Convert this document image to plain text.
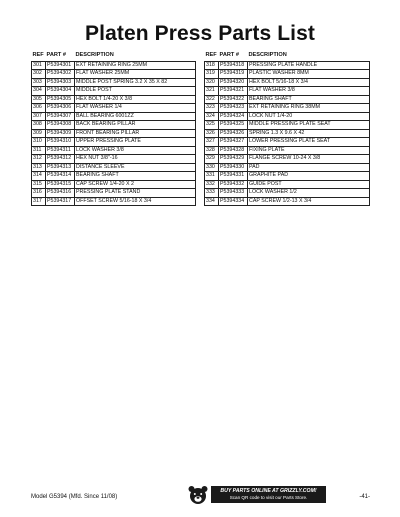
Platen Press Parts List
REF	PART #	DESCRIPTION
301	P5394301	EXT RETAINING RING 25MM
302	P5394302	FLAT WASHER 25MM
303	P5394303	MIDDLE POST SPRING 3.2 X 35 X 82
304	P5394304	MIDDLE POST
305	P5394305	HEX BOLT 1/4-20 X 3/8
306	P5394306	FLAT WASHER 1/4
307	P5394307	BALL BEARING 6001ZZ
308	P5394308	BACK BEARING PILLAR
309	P5394309	FRONT BEARING PILLAR
310	P5394310	UPPER PRESSING PLATE
311	P5394311	LOCK WASHER 3/8
312	P5394312	HEX NUT 3/8"-16
313	P5394313	DISTANCE SLEEVE
314	P5394314	BEARING SHAFT
315	P5394315	CAP SCREW 1/4-20 X 2
316	P5394316	PRESSING PLATE STAND
317	P5394317	OFFSET SCREW 5/16-18 X 3/4
REF	PART #	DESCRIPTION
318	P5394318	PRESSING PLATE HANDLE
319	P5394319	PLASTIC WASHER 8MM
320	P5394320	HEX BOLT 5/16-18 X 3/4
321	P5394321	FLAT WASHER 3/8
322	P5394322	BEARING SHAFT
323	P5394323	EXT RETAINING RING 38MM
324	P5394324	LOCK NUT 1/4-20
325	P5394325	MIDDLE PRESSING PLATE SEAT
326	P5394326	SPRING 1.3 X 9.6 X 42
327	P5394327	LOWER PRESSING PLATE SEAT
328	P5394328	FIXING PLATE
329	P5394329	FLANGE SCREW 10-24 X 3/8
330	P5394330	PAD
331	P5394331	GRAPHITE PAD
332	P5394332	GUIDE POST
333	P5394333	LOCK WASHER 1/2
334	P5394334	CAP SCREW 1/2-13 X 3/4
Model G5394 (Mfd. Since 11/08)
BUY PARTS ONLINE AT GRIZZLY.COM!
Scan QR code to visit our Parts Store.	-41-
